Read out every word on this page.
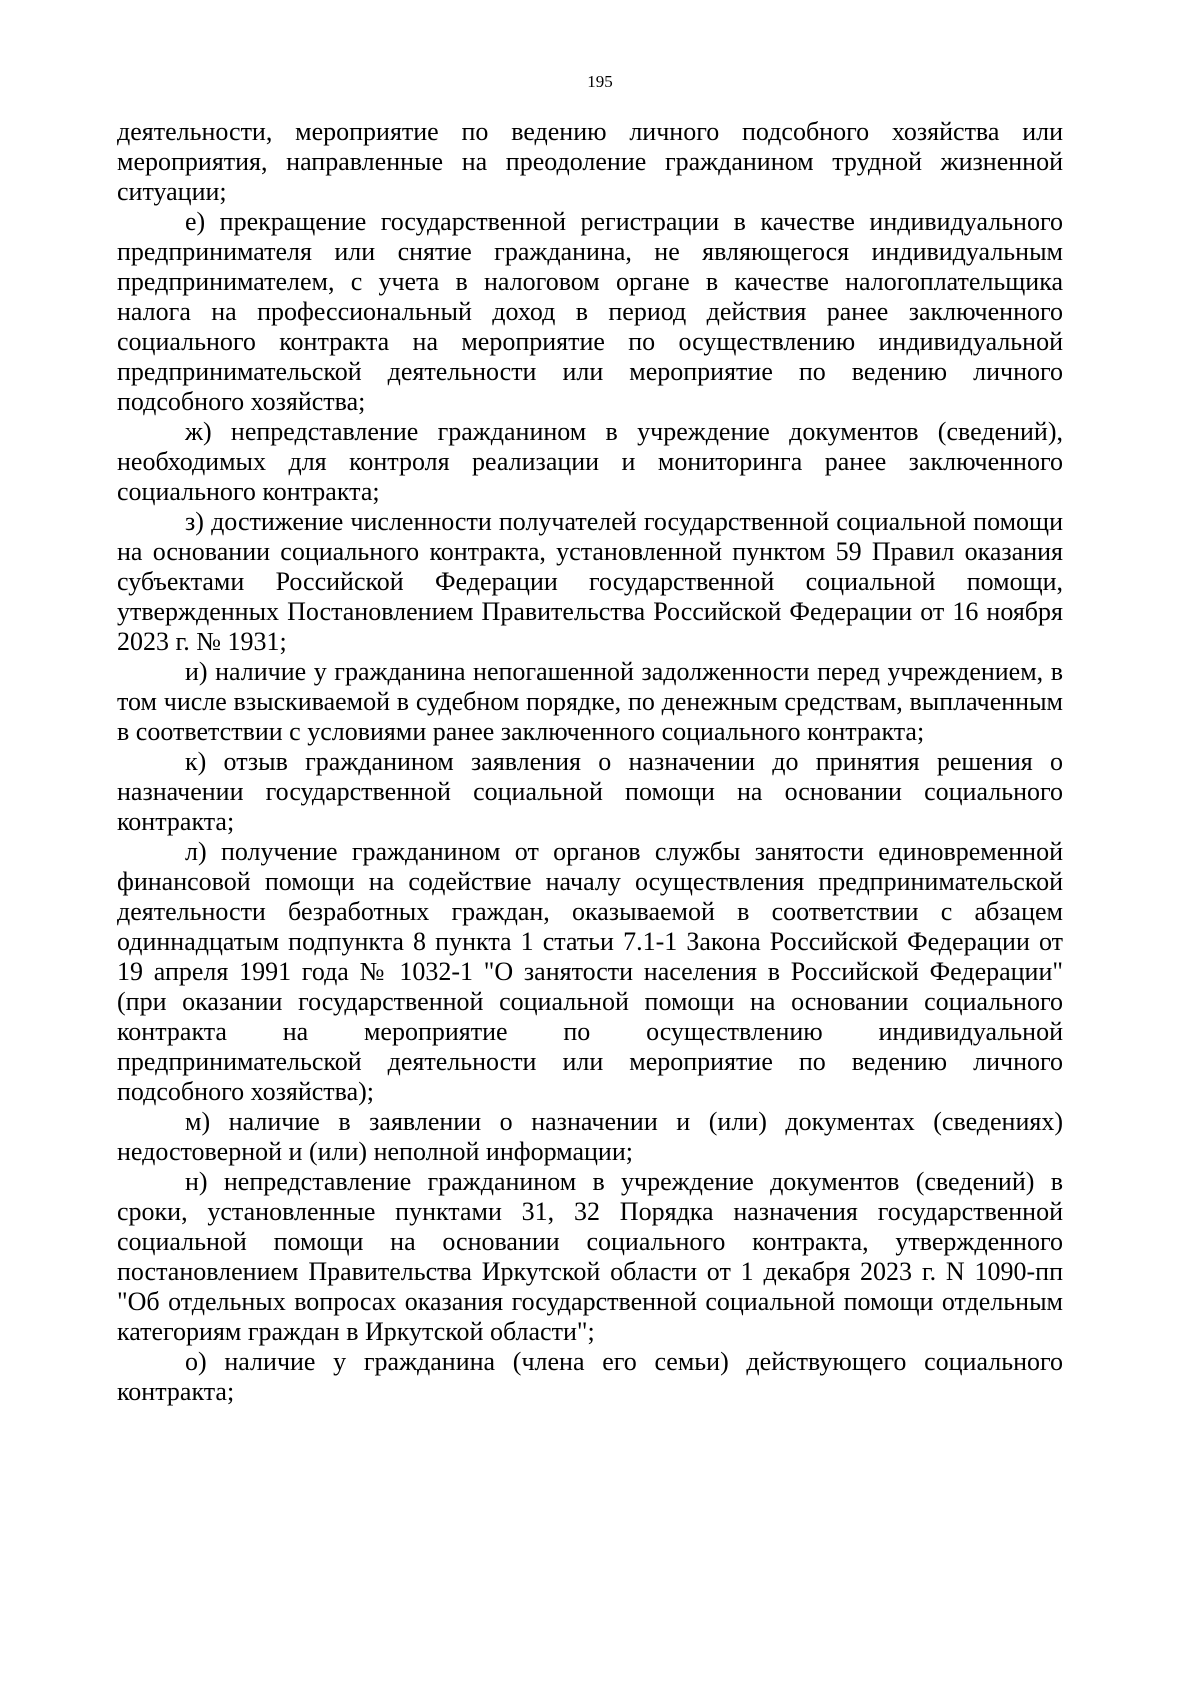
195

деятельности, мероприятие по ведению личного подсобного хозяйства или мероприятия, направленные на преодоление гражданином трудной жизненной ситуации;

е) прекращение государственной регистрации в качестве индивидуального предпринимателя или снятие гражданина, не являющегося индивидуальным предпринимателем, с учета в налоговом органе в качестве налогоплательщика налога на профессиональный доход в период действия ранее заключенного социального контракта на мероприятие по осуществлению индивидуальной предпринимательской деятельности или мероприятие по ведению личного подсобного хозяйства;

ж) непредставление гражданином в учреждение документов (сведений), необходимых для контроля реализации и мониторинга ранее заключенного социального контракта;

з) достижение численности получателей государственной социальной помощи на основании социального контракта, установленной пунктом 59 Правил оказания субъектами Российской Федерации государственной социальной помощи, утвержденных Постановлением Правительства Российской Федерации от 16 ноября 2023 г. № 1931;

и) наличие у гражданина непогашенной задолженности перед учреждением, в том числе взыскиваемой в судебном порядке, по денежным средствам, выплаченным в соответствии с условиями ранее заключенного социального контракта;

к) отзыв гражданином заявления о назначении до принятия решения о назначении государственной социальной помощи на основании социального контракта;

л) получение гражданином от органов службы занятости единовременной финансовой помощи на содействие началу осуществления предпринимательской деятельности безработных граждан, оказываемой в соответствии с абзацем одиннадцатым подпункта 8 пункта 1 статьи 7.1-1 Закона Российской Федерации от 19 апреля 1991 года № 1032-1 "О занятости населения в Российской Федерации" (при оказании государственной социальной помощи на основании социального контракта на мероприятие по осуществлению индивидуальной предпринимательской деятельности или мероприятие по ведению личного подсобного хозяйства);

м) наличие в заявлении о назначении и (или) документах (сведениях) недостоверной и (или) неполной информации;

н) непредставление гражданином в учреждение документов (сведений) в сроки, установленные пунктами 31, 32 Порядка назначения государственной социальной помощи на основании социального контракта, утвержденного постановлением Правительства Иркутской области от 1 декабря 2023 г. N 1090-пп "Об отдельных вопросах оказания государственной социальной помощи отдельным категориям граждан в Иркутской области";

о) наличие у гражданина (члена его семьи) действующего социального контракта;
